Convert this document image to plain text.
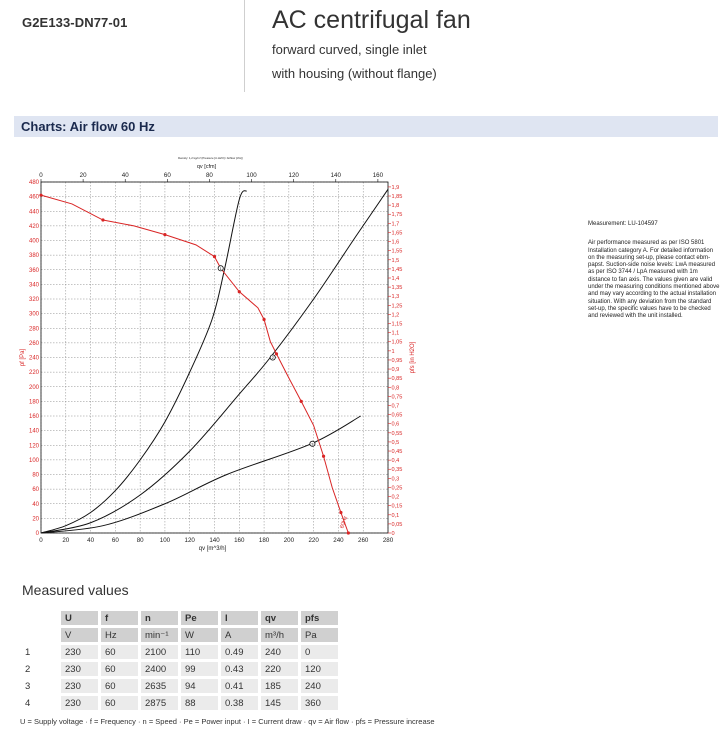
G2E133-DN77-01	AC centrifugal fan
forward curved, single inlet
with housing (without flange)
Charts: Air flow 60 Hz
0	20	40	60	80	100 120 140 160 180 200 220 240 260 280
0
20
40
60
80
100
120
140
160
180
200
220
240
260
280
300
320
340
360
380
400
420
440
460
480
0	20	40	60	80	100	120	140	160
qv [cfm]
Density: 1,2 kg/m³ (Pressure [in H2O] / Airflow [cfm])
0
0,05
0,1
0,15
0,2
0,25
0,3
0,35
0,4
0,45
0,5
0,55
0,6
0,65
0,7
0,75
0,8
0,85
0,9
0,95
1
1,05
1,1
1,15
1,2
1,25
1,3
1,35
1,4
1,45
1,5
1,55
1,6
1,65
1,7
1,75
1,8
1,85
1,9
pf [Pa]	pfs [in H2O]
qv [m^3/h]
1
2
3
60Hz
Measurement: LU-104597
Air performance measured as per ISO 5801 Installation category A. For detailed information on the measuring set-up, please contact ebm-papst. Suction-side noise levels: LwA measured as per ISO 3744 / LpA measured with 1m distance to fan axis. The values given are valid under the measuring conditions mentioned above and may vary according to the actual installation situation. With any deviation from the standard set-up, the specific values have to be checked and reviewed with the unit installed.
Measured values
	U	f	n	Pe	I	qv	pfs
	V	Hz	min⁻¹	W	A	m³/h	Pa
1	230	60	2100	110	0.49	240	0
2	230	60	2400	99	0.43	220	120
3	230	60	2635	94	0.41	185	240
4	230	60	2875	88	0.38	145	360
U = Supply voltage · f = Frequency · n = Speed · Pe = Power input · I = Current draw · qv = Air flow · pfs = Pressure increase
